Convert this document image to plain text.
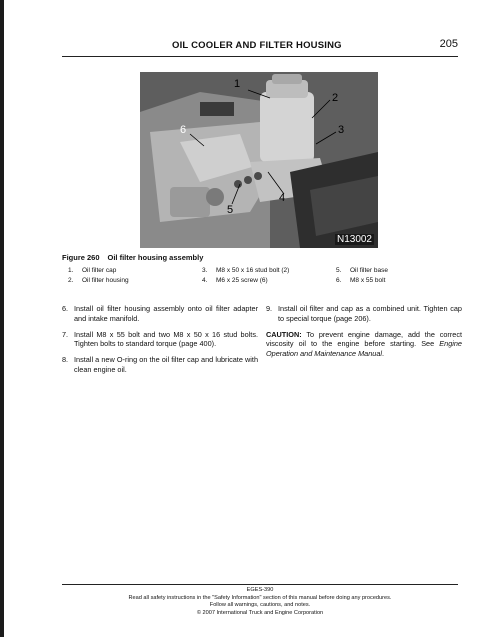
OIL COOLER AND FILTER HOUSING	205
1
2
3
4
5
6
N13002
Figure 260 Oil filter housing assembly
1. Oil filter cap
2. Oil filter housing
3. M8 x 50 x 16 stud bolt (2)
4. M6 x 25 screw (6)
5. Oil filter base
6. M8 x 55 bolt
6. Install oil filter housing assembly onto oil filter adapter and intake manifold.
7. Install M8 x 55 bolt and two M8 x 50 x 16 stud bolts. Tighten bolts to standard torque (page 400).
8. Install a new O-ring on the oil filter cap and lubricate with clean engine oil.
9. Install oil filter and cap as a combined unit. Tighten cap to special torque (page 206).
CAUTION: To prevent engine damage, add the correct viscosity oil to the engine before starting. See Engine Operation and Maintenance Manual.
EGES-390
Read all safety instructions in the "Safety Information" section of this manual before doing any procedures.
Follow all warnings, cautions, and notes.
© 2007 International Truck and Engine Corporation
